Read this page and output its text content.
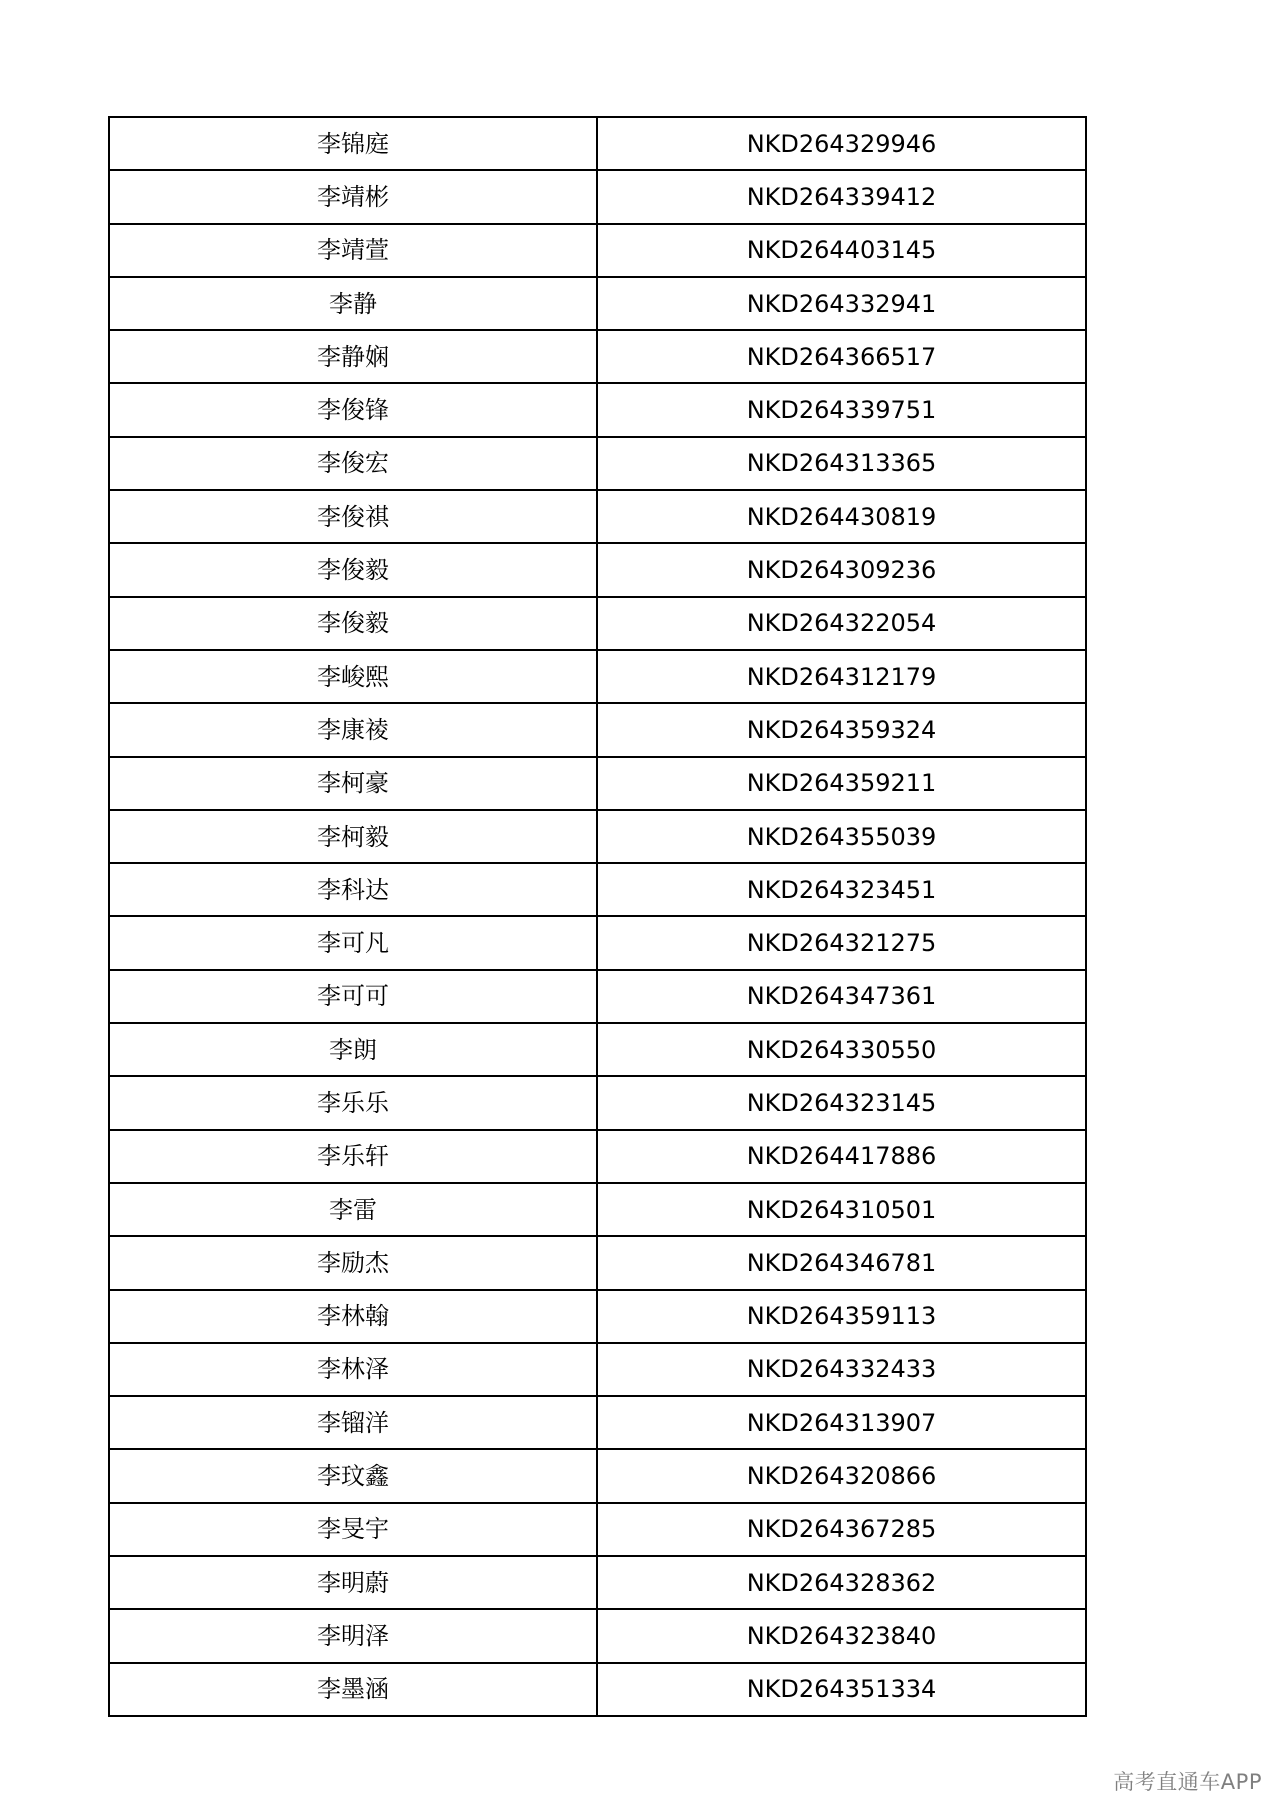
李锦庭	NKD264329946
李靖彬	NKD264339412
李靖萱	NKD264403145
李静	NKD264332941
李静娴	NKD264366517
李俊锋	NKD264339751
李俊宏	NKD264313365
李俊祺	NKD264430819
李俊毅	NKD264309236
李俊毅	NKD264322054
李峻熙	NKD264312179
李康祾	NKD264359324
李柯豪	NKD264359211
李柯毅	NKD264355039
李科达	NKD264323451
李可凡	NKD264321275
李可可	NKD264347361
李朗	NKD264330550
李乐乐	NKD264323145
李乐轩	NKD264417886
李雷	NKD264310501
李励杰	NKD264346781
李林翰	NKD264359113
李林泽	NKD264332433
李镏洋	NKD264313907
李玟鑫	NKD264320866
李旻宇	NKD264367285
李明蔚	NKD264328362
李明泽	NKD264323840
李墨涵	NKD264351334
高考直通车APP
